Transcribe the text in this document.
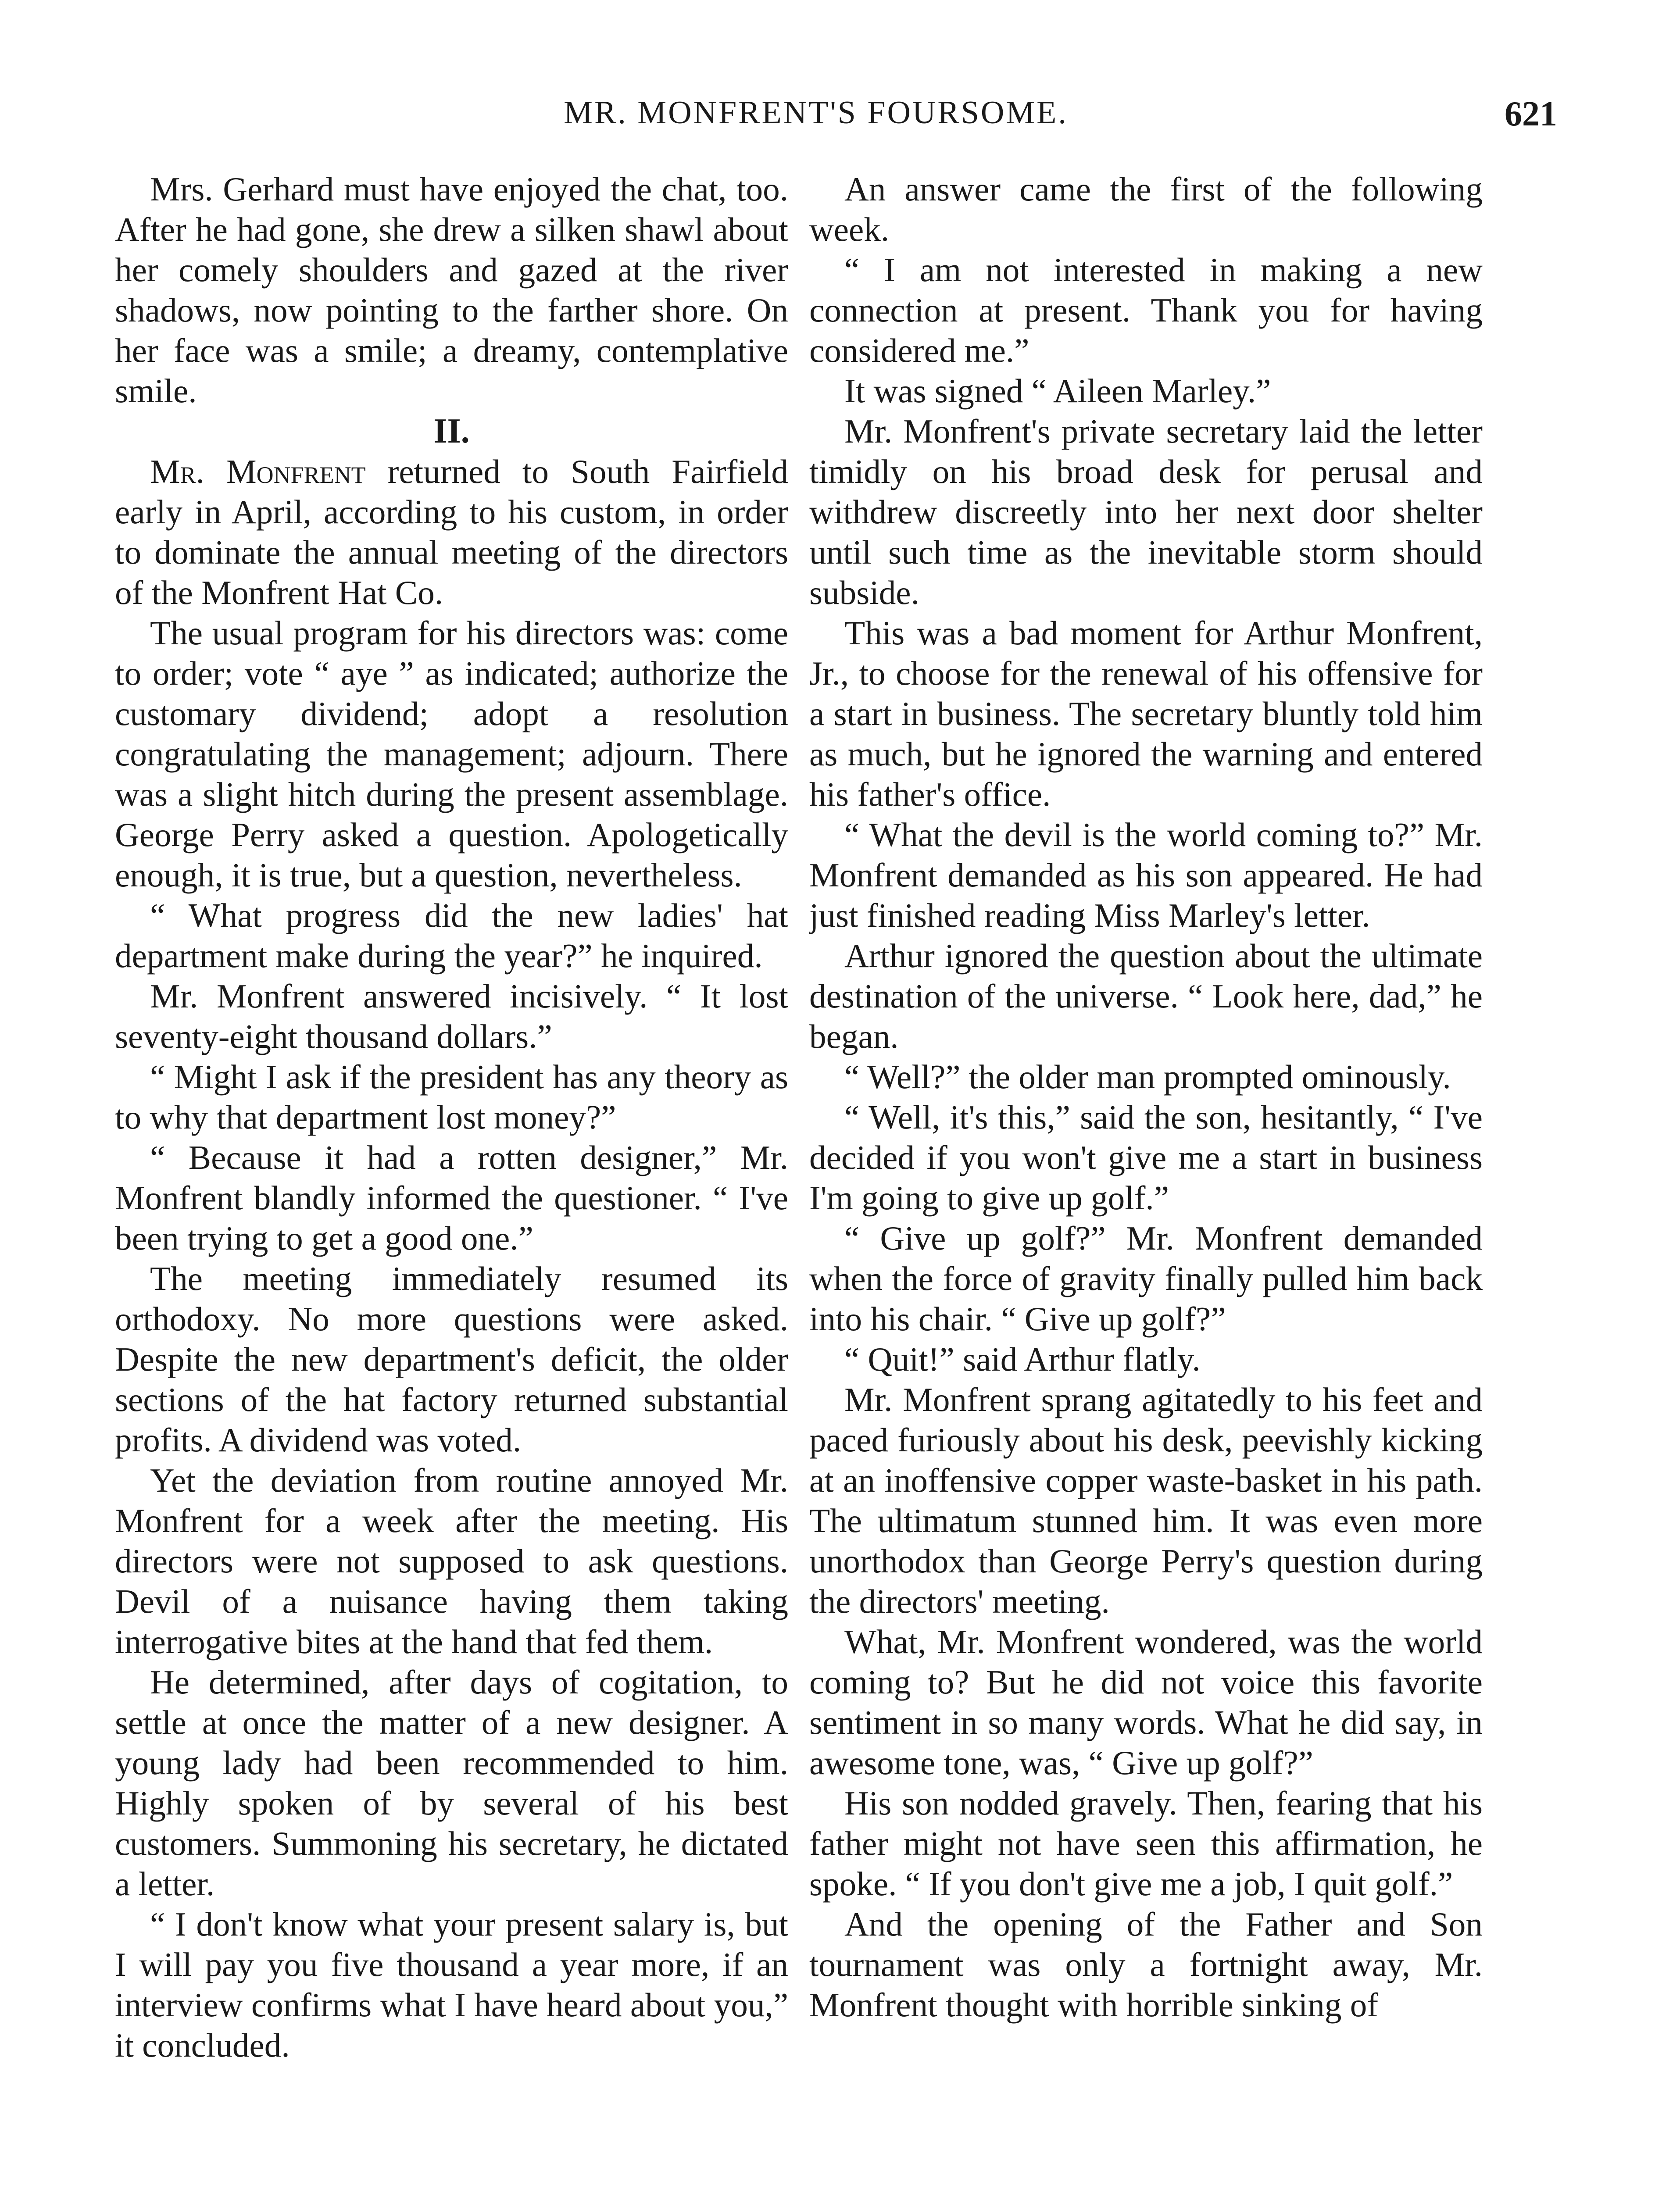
MR. MONFRENT'S FOURSOME.	621

Mrs. Gerhard must have enjoyed the chat, too. After he had gone, she drew a silken shawl about her comely shoulders and gazed at the river shadows, now pointing to the farther shore. On her face was a smile; a dreamy, contemplative smile.

II.

Mr. Monfrent returned to South Fairfield early in April, according to his custom, in order to dominate the annual meeting of the directors of the Monfrent Hat Co.

The usual program for his directors was: come to order; vote “ aye ” as indicated; authorize the customary dividend; adopt a resolution congratulating the management; adjourn. There was a slight hitch during the present assemblage. George Perry asked a question. Apologetically enough, it is true, but a question, nevertheless.

“ What progress did the new ladies' hat department make during the year?” he inquired.

Mr. Monfrent answered incisively. “ It lost seventy-eight thousand dollars.”

“ Might I ask if the president has any theory as to why that department lost money?”

“ Because it had a rotten designer,” Mr. Monfrent blandly informed the questioner. “ I've been trying to get a good one.”

The meeting immediately resumed its orthodoxy. No more questions were asked. Despite the new department's deficit, the older sections of the hat factory returned substantial profits. A dividend was voted.

Yet the deviation from routine annoyed Mr. Monfrent for a week after the meeting. His directors were not supposed to ask questions. Devil of a nuisance having them taking interrogative bites at the hand that fed them.

He determined, after days of cogitation, to settle at once the matter of a new designer. A young lady had been recommended to him. Highly spoken of by several of his best customers. Summoning his secretary, he dictated a letter.

“ I don't know what your present salary is, but I will pay you five thousand a year more, if an interview confirms what I have heard about you,” it concluded.

An answer came the first of the following week.

“ I am not interested in making a new connection at present. Thank you for having considered me.”

It was signed “ Aileen Marley.”

Mr. Monfrent's private secretary laid the letter timidly on his broad desk for perusal and withdrew discreetly into her next door shelter until such time as the inevitable storm should subside.

This was a bad moment for Arthur Monfrent, Jr., to choose for the renewal of his offensive for a start in business. The secretary bluntly told him as much, but he ignored the warning and entered his father's office.

“ What the devil is the world coming to?” Mr. Monfrent demanded as his son appeared. He had just finished reading Miss Marley's letter.

Arthur ignored the question about the ultimate destination of the universe. “ Look here, dad,” he began.

“ Well?” the older man prompted ominously.

“ Well, it's this,” said the son, hesitantly, “ I've decided if you won't give me a start in business I'm going to give up golf.”

“ Give up golf?” Mr. Monfrent demanded when the force of gravity finally pulled him back into his chair. “ Give up golf?”

“ Quit!” said Arthur flatly.

Mr. Monfrent sprang agitatedly to his feet and paced furiously about his desk, peevishly kicking at an inoffensive copper waste-basket in his path. The ultimatum stunned him. It was even more unorthodox than George Perry's question during the directors' meeting.

What, Mr. Monfrent wondered, was the world coming to? But he did not voice this favorite sentiment in so many words. What he did say, in awesome tone, was, “ Give up golf?”

His son nodded gravely. Then, fearing that his father might not have seen this affirmation, he spoke. “ If you don't give me a job, I quit golf.”

And the opening of the Father and Son tournament was only a fortnight away, Mr. Monfrent thought with horrible sinking of
